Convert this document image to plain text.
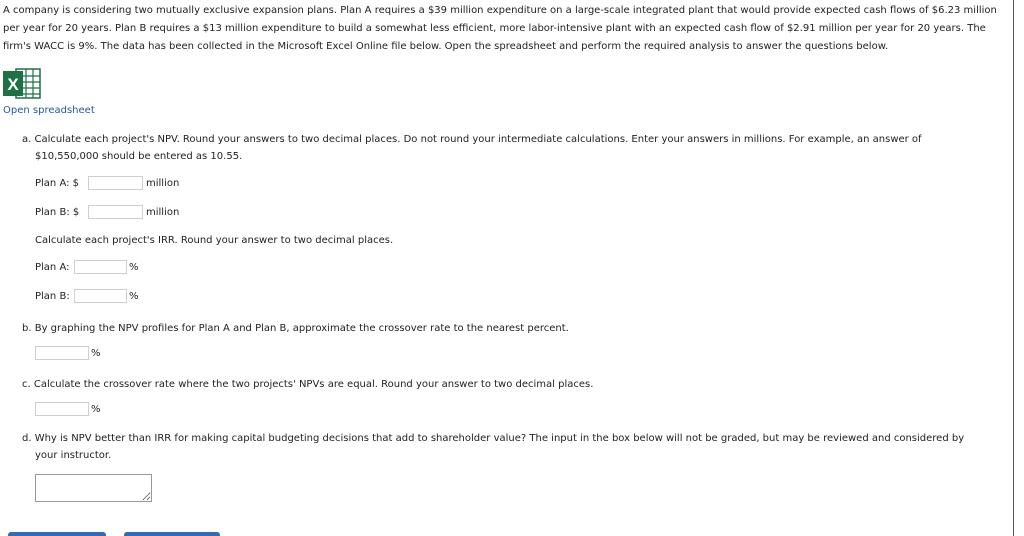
A company is considering two mutually exclusive expansion plans. Plan A requires a $39 million expenditure on a large-scale integrated plant that would provide expected cash flows of $6.23 million per year for 20 years. Plan B requires a $13 million expenditure to build a somewhat less efficient, more labor-intensive plant with an expected cash flow of $2.91 million per year for 20 years. The firm's WACC is 9%. The data has been collected in the Microsoft Excel Online file below. Open the spreadsheet and perform the required analysis to answer the questions below.

X
Open spreadsheet

a. Calculate each project's NPV. Round your answers to two decimal places. Do not round your intermediate calculations. Enter your answers in millions. For example, an answer of $10,550,000 should be entered as 10.55.

Plan A: $	million
Plan B: $	million
Calculate each project's IRR. Round your answer to two decimal places.
Plan A:	%
Plan B:	%
b. By graphing the NPV profiles for Plan A and Plan B, approximate the crossover rate to the nearest percent.
%
c. Calculate the crossover rate where the two projects' NPVs are equal. Round your answer to two decimal places.
%

d. Why is NPV better than IRR for making capital budgeting decisions that add to shareholder value? The input in the box below will not be graded, but may be reviewed and considered by your instructor.
